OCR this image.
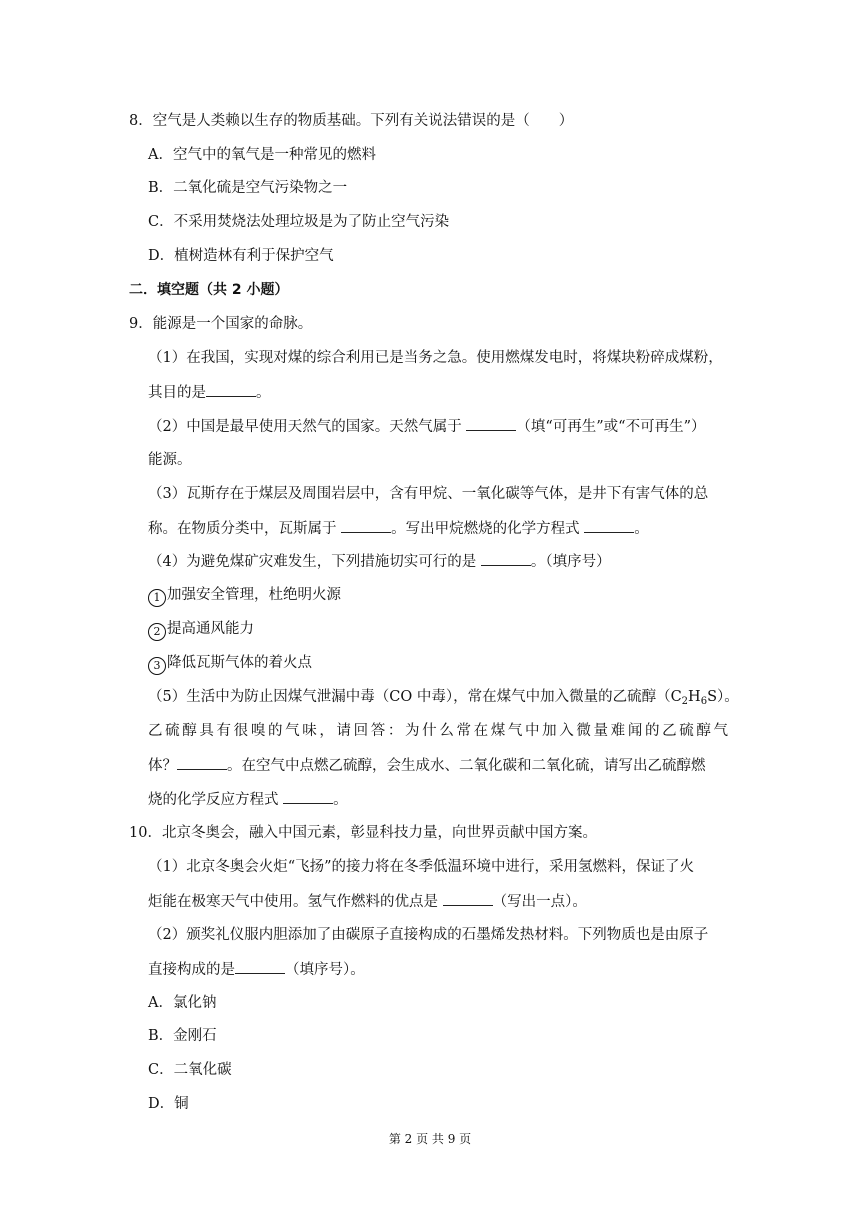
8．空气是人类赖以生存的物质基础。下列有关说法错误的是（　　）
A．空气中的氧气是一种常见的燃料
B．二氧化硫是空气污染物之一
C．不采用焚烧法处理垃圾是为了防止空气污染
D．植树造林有利于保护空气
二．填空题（共 2 小题）
9．能源是一个国家的命脉。
（1）在我国，实现对煤的综合利用已是当务之急。使用燃煤发电时，将煤块粉碎成煤粉，
其目的是	。
（2）中国是最早使用天然气的国家。天然气属于	（填“可再生”或“不可再生”）
能源。
（3）瓦斯存在于煤层及周围岩层中，含有甲烷、一氧化碳等气体，是井下有害气体的总
称。在物质分类中，瓦斯属于	。写出甲烷燃烧的化学方程式	。
（4）为避免煤矿灾难发生，下列措施切实可行的是	。（填序号）
1 加强安全管理，杜绝明火源
2 提高通风能力
3 降低瓦斯气体的着火点
（5）生活中为防止因煤气泄漏中毒（CO 中毒），常在煤气中加入微量的乙硫醇$(C_2H_6S)$。
乙硫醇具有很嗅的气味，请回答：为什么常在煤气中加入微量难闻的乙硫醇气
体？	。在空气中点燃乙硫醇，会生成水、二氧化碳和二氧化硫，请写出乙硫醇燃
烧的化学反应方程式	。
10．北京冬奥会，融入中国元素，彰显科技力量，向世界贡献中国方案。
（1）北京冬奥会火炬“飞扬”的接力将在冬季低温环境中进行，采用氢燃料，保证了火
炬能在极寒天气中使用。氢气作燃料的优点是	（写出一点）。
（2）颁奖礼仪服内胆添加了由碳原子直接构成的石墨烯发热材料。下列物质也是由原子
直接构成的是	（填序号）。
A．氯化钠
B．金刚石
C．二氧化碳
D．铜
第 2 页 共 9 页
